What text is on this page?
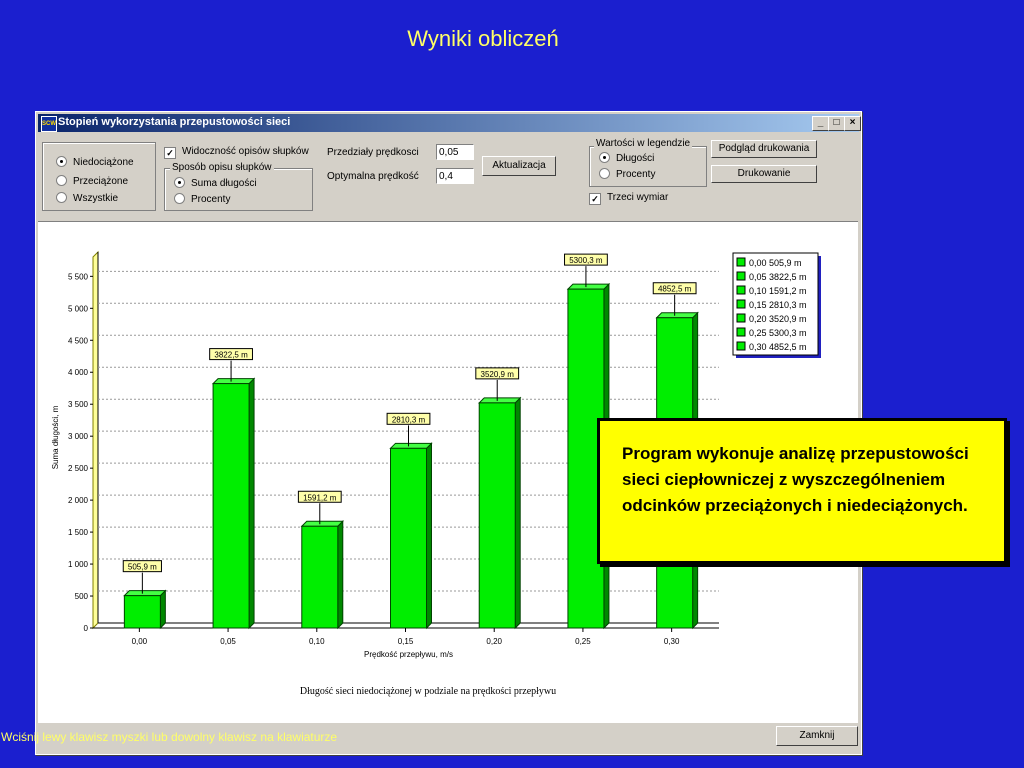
Wyniki obliczeń
SCW Stopień wykorzystania przepustowości sieci	_	□	×
Niedociążone
Przeciążone
Wszystkie
✓ Widoczność opisów słupków
Sposób opisu słupków
Suma długości
Procenty
Przedziały prędkosci	0,05
Optymalna prędkość	0,4
Aktualizacja
Wartości w legendzie
Długości
Procenty
✓ Trzeci wymiar
Podgląd drukowania
Drukowanie
0
500
1 000
1 500
2 000
2 500
3 000
3 500
4 000
4 500
5 000
5 500
0,00
505,9 m
0,05
3822,5 m
0,10
1591,2 m
0,15
2810,3 m
0,20
3520,9 m
0,25
5300,3 m
0,30
4852,5 m
Prędkość przepływu, m/s
Suma długości, m
Długość sieci niedociążonej w podziale na prędkości przepływu
0,00 505,9 m
0,05 3822,5 m
0,10 1591,2 m
0,15 2810,3 m
0,20 3520,9 m
0,25 5300,3 m
0,30 4852,5 m
Zamknij
Wciśnij lewy klawisz myszki lub dowolny klawisz na klawiaturze
Program wykonuje analizę przepustowości sieci ciepłowniczej z wyszczególneniem odcinków przeciążonych i niedeciążonych.
